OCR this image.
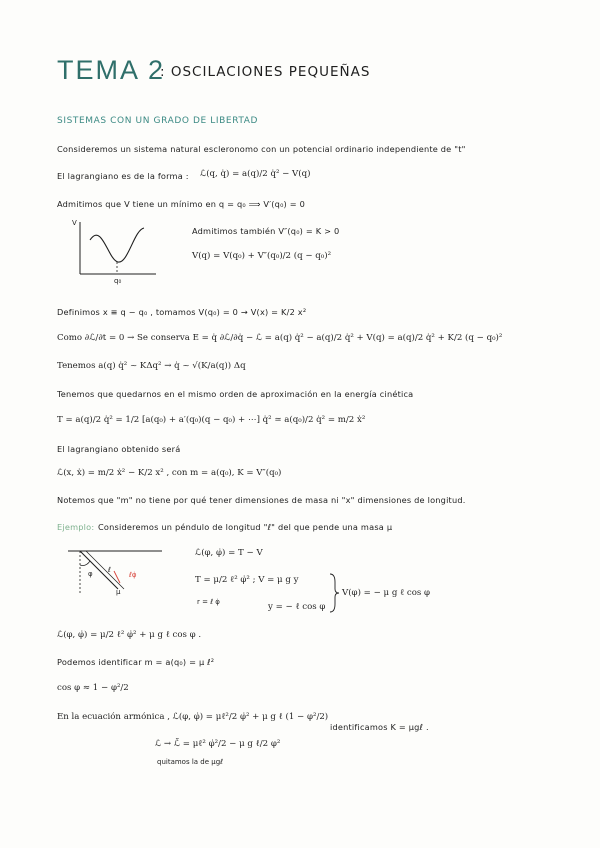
TEMA 2
: OSCILACIONES PEQUEÑAS
SISTEMAS CON UN GRADO DE LIBERTAD
Consideremos un sistema natural escleronomo con un potencial ordinario independiente de "t"
El lagrangiano es de la forma : ℒ(q, q̇) = a(q)/2 q̇² − V(q)
Admitimos que V tiene un mínimo en q = q₀ ⟹ V′(q₀) = 0
V
q₀
Admitimos también V″(q₀) = K > 0
V(q) = V(q₀) + V″(q₀)/2 (q − q₀)²
Definimos x ≡ q − q₀ , tomamos V(q₀) = 0 → V(x) = K/2 x²
Como ∂ℒ/∂t = 0 → Se conserva E = q̇ ∂ℒ/∂q̇ − ℒ = a(q) q̇² − a(q)/2 q̇² + V(q) = a(q)/2 q̇² + K/2 (q − q₀)²
Tenemos a(q) q̇² ~ KΔq² → q̇ ~ √(K/a(q)) Δq
Tenemos que quedarnos en el mismo orden de aproximación en la energía cinética
T = a(q)/2 q̇² = 1/2 [a(q₀) + a′(q₀)(q − q₀) + ⋯] q̇² ≃ a(q₀)/2 q̇² = m/2 ẋ²
El lagrangiano obtenido será
ℒ(x, ẋ) = m/2 ẋ² − K/2 x² , con m = a(q₀), K = V″(q₀)
Notemos que "m" no tiene por qué tener dimensiones de masa ni "x" dimensiones de longitud.
Ejemplo: Consideremos un péndulo de longitud "ℓ" del que pende una masa μ
ℓ
φ
μ
ℓφ̇
ℒ(φ, φ̇) = T − V
T = μ/2 ℓ² φ̇² ; V = μ g y
r = ℓ φ̇	y = − ℓ cos φ
V(φ) = − μ g ℓ cos φ
ℒ(φ, φ̇) = μ/2 ℓ² φ̇² + μ g ℓ cos φ .
Podemos identificar m = a(q₀) = μ ℓ²
cos φ ≈ 1 − φ²/2
En la ecuación armónica , ℒ(φ, φ̇) = μℓ²/2 φ̇² + μ g ℓ (1 − φ²/2)
identificamos K = μgℓ .
ℒ → ℒ̃ = μℓ² φ̇²/2 − μ g ℓ/2 φ²
quitamos la de μgℓ
